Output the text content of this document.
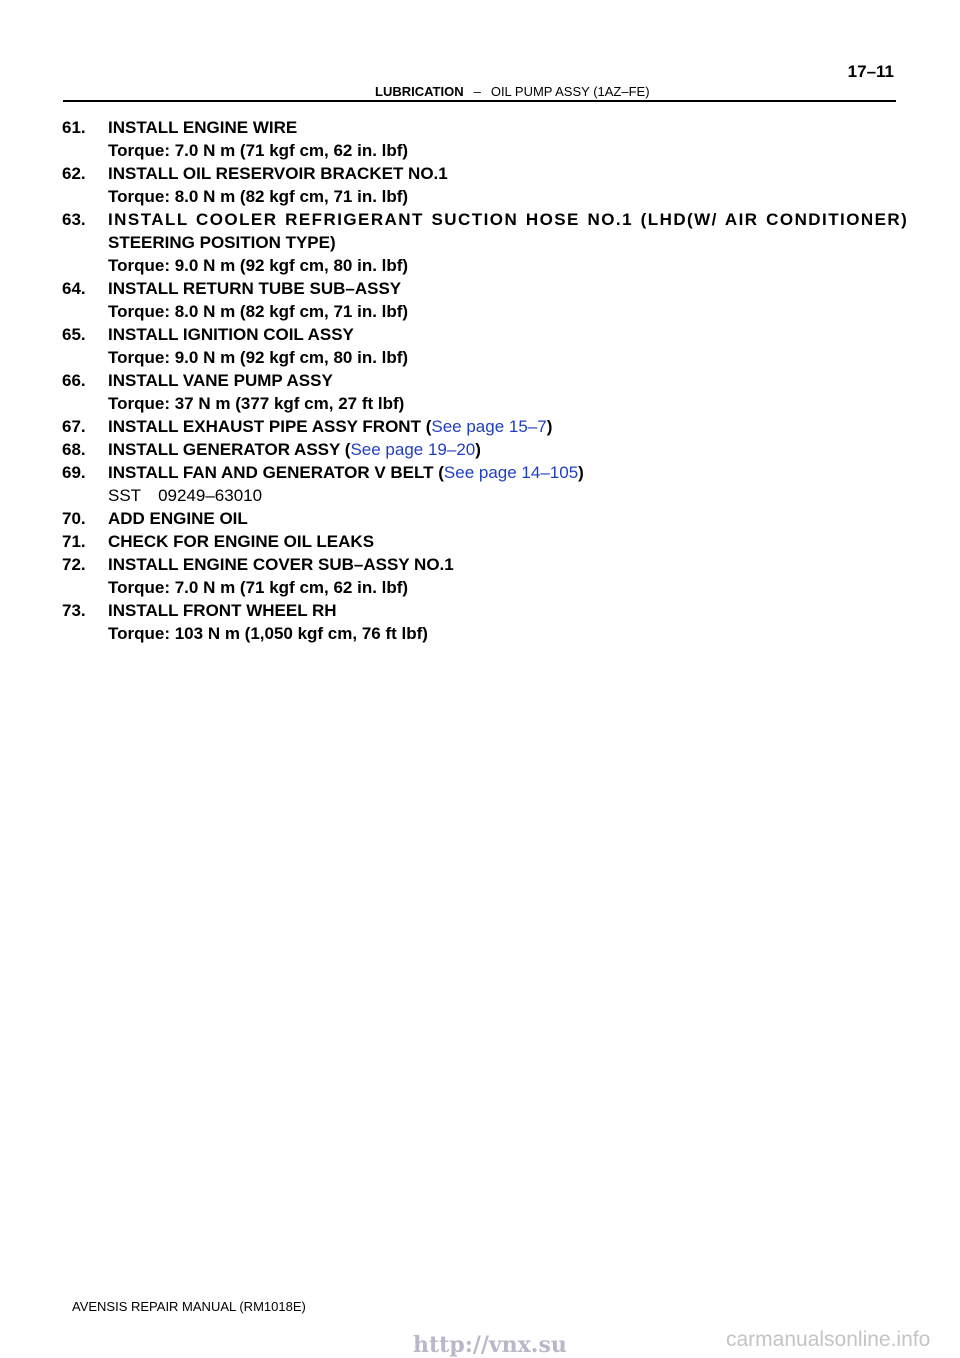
17–11
LUBRICATION – OIL PUMP ASSY (1AZ–FE)
61.	INSTALL ENGINE WIRE
Torque: 7.0 N m (71 kgf cm, 62 in. lbf)
62.	INSTALL OIL RESERVOIR BRACKET NO.1
Torque: 8.0 N m (82 kgf cm, 71 in. lbf)
63.	INSTALL COOLER REFRIGERANT SUCTION HOSE NO.1 (LHD(W/ AIR CONDITIONER)
STEERING POSITION TYPE)
Torque: 9.0 N m (92 kgf cm, 80 in. lbf)
64.	INSTALL RETURN TUBE SUB–ASSY
Torque: 8.0 N m (82 kgf cm, 71 in. lbf)
65.	INSTALL IGNITION COIL ASSY
Torque: 9.0 N m (92 kgf cm, 80 in. lbf)
66.	INSTALL VANE PUMP ASSY
Torque: 37 N m (377 kgf cm, 27 ft lbf)
67.	INSTALL EXHAUST PIPE ASSY FRONT (See page 15–7)
68.	INSTALL GENERATOR ASSY (See page 19–20)
69.	INSTALL FAN AND GENERATOR V BELT (See page 14–105)
SST 09249–63010
70.	ADD ENGINE OIL
71.	CHECK FOR ENGINE OIL LEAKS
72.	INSTALL ENGINE COVER SUB–ASSY NO.1
Torque: 7.0 N m (71 kgf cm, 62 in. lbf)
73.	INSTALL FRONT WHEEL RH
Torque: 103 N m (1,050 kgf cm, 76 ft lbf)
AVENSIS REPAIR MANUAL (RM1018E)
http://vnx.su	carmanualsonline.info
